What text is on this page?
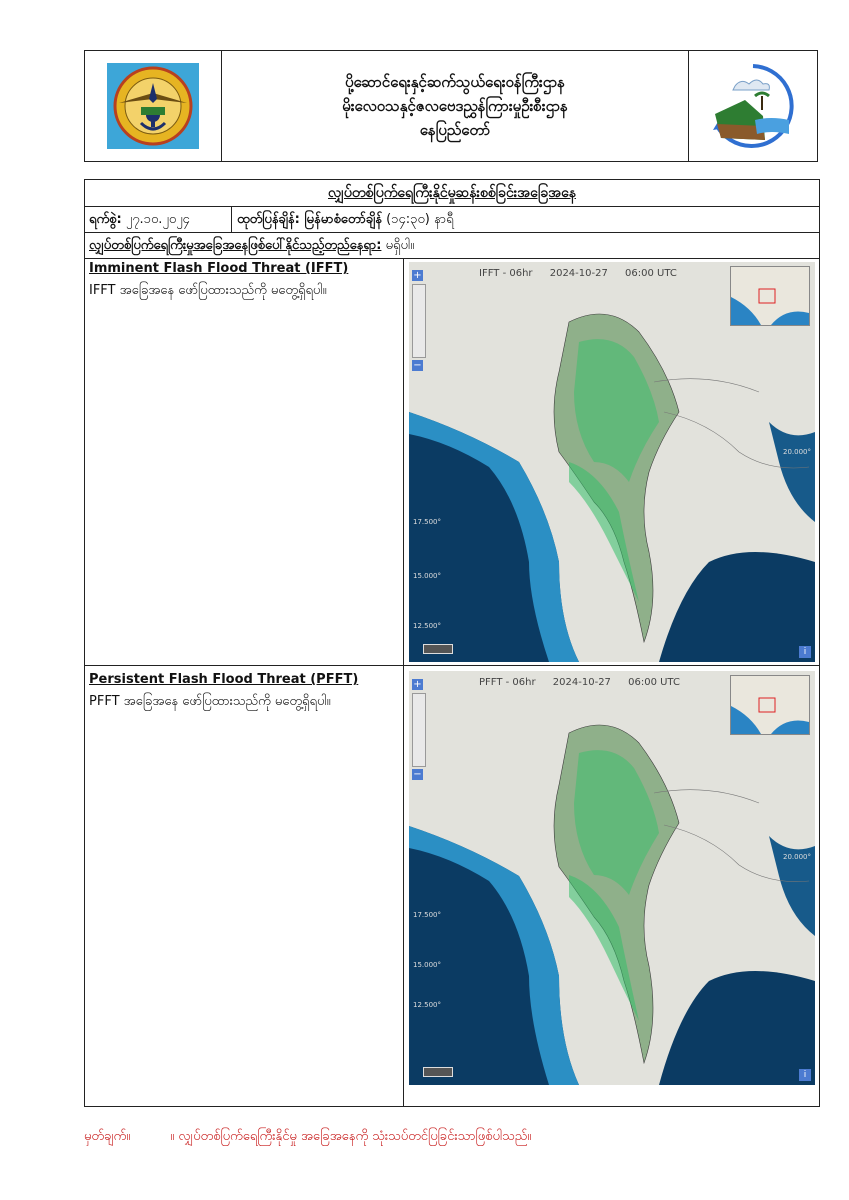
ပို့ဆောင်ရေးနှင့်ဆက်သွယ်ရေးဝန်ကြီးဌာန
မိုးလေဝသနှင့်ဇလဗေဒညွှန်ကြားမှုဦးစီးဌာန
နေပြည်တော်
လျှပ်တစ်ပြက်ရေကြီးနိုင်မှုဆန်းစစ်ခြင်းအခြေအနေ
ရက်စွဲ: ၂၇.၁၀.၂၀၂၄	ထုတ်ပြန်ချိန်: မြန်မာစံတော်ချိန် (၁၄:၃၀) နာရီ
လျှပ်တစ်ပြက်ရေကြီးမှုအခြေအနေဖြစ်ပေါ်နိုင်သည့်တည်နေရာ: မရှိပါ။
Imminent Flash Flood Threat (IFFT)
IFFT အခြေအနေ ဖော်ပြထားသည်ကို မတွေ့ရှိရပါ။
IFFT - 06hr 2024-10-27 06:00 UTC
+
−
17.500°
15.000°
12.500°
20.000°
i
Persistent Flash Flood Threat (PFFT)
PFFT အခြေအနေ ဖော်ပြထားသည်ကို မတွေ့ရှိရပါ။
PFFT - 06hr 2024-10-27 06:00 UTC
+
−
17.500°
15.000°
12.500°
20.000°
i
မှတ်ချက်။	။ လျှပ်တစ်ပြက်ရေကြီးနိုင်မှု အခြေအနေကို သုံးသပ်တင်ပြခြင်းသာဖြစ်ပါသည်။
